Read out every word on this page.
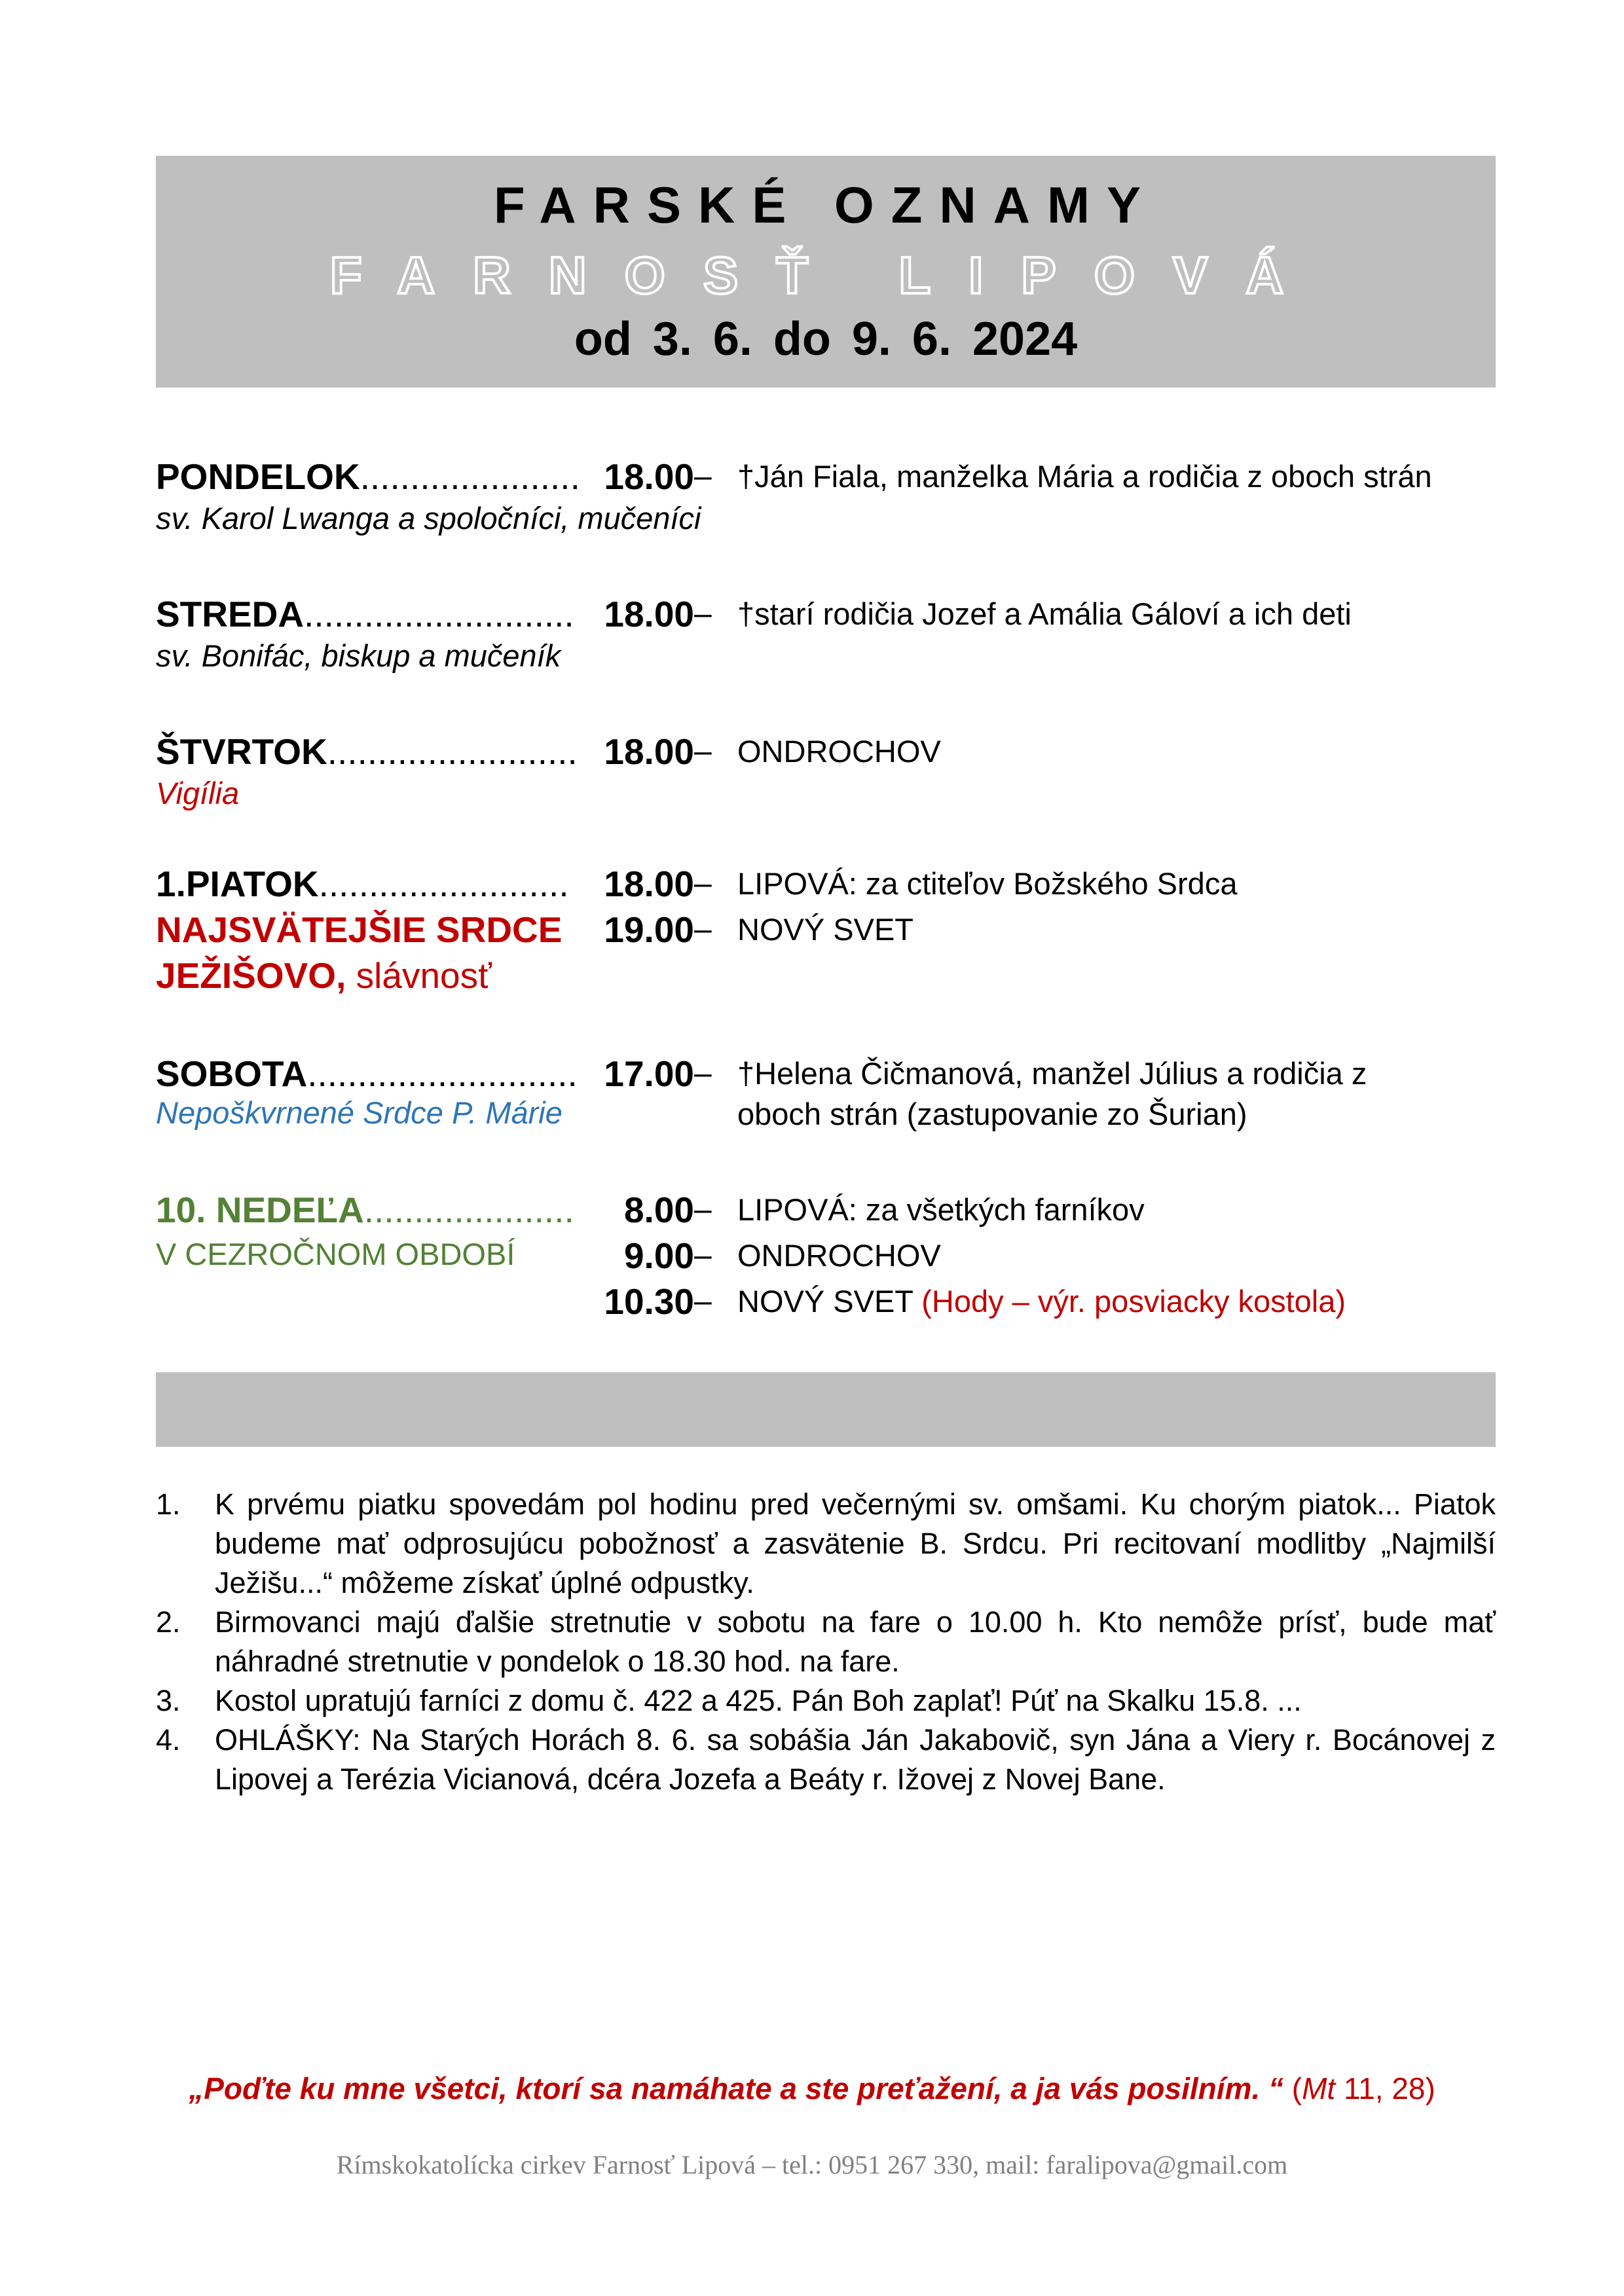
FARSKÉ OZNAMY
FARNOSŤ LIPOVÁ
od 3. 6. do 9. 6. 2024
PONDELOK...................... 18.00 – †Ján Fiala, manželka Mária a rodičia z oboch strán
sv. Karol Lwanga a spoločníci, mučeníci
STREDA........................... 18.00 – †starí rodičia Jozef a Amália Gáloví a ich deti
sv. Bonifác, biskup a mučeník
ŠTVRTOK......................... 18.00 – ONDROCHOV
Vigília
1.PIATOK......................... 18.00 – LIPOVÁ: za ctiteľov Božského Srdca
NAJSVÄTEJŠIE SRDCE	19.00 – NOVÝ SVET
JEŽIŠOVO, slávnosť
SOBOTA........................... 17.00 – †Helena Čičmanová, manžel Július a rodičia z
Nepoškvrnené Srdce P. Márie	oboch strán (zastupovanie zo Šurian)
10. NEDEĽA.....................	8.00 – LIPOVÁ: za všetkých farníkov
V CEZROČNOM OBDOBÍ	9.00 – ONDROCHOV
10.30 – NOVÝ SVET (Hody – výr. posviacky kostola)
1. K prvému piatku spovedám pol hodinu pred večernými sv. omšami. Ku chorým piatok... Piatok budeme mať odprosujúcu pobožnosť a zasvätenie B. Srdcu. Pri recitovaní modlitby „Najmilší Ježišu...“ môžeme získať úplné odpustky.
2. Birmovanci majú ďalšie stretnutie v sobotu na fare o 10.00 h. Kto nemôže prísť, bude mať náhradné stretnutie v pondelok o 18.30 hod. na fare.
3. Kostol upratujú farníci z domu č. 422 a 425. Pán Boh zaplať! Púť na Skalku 15.8. ...
4. OHLÁŠKY: Na Starých Horách 8. 6. sa sobášia Ján Jakabovič, syn Jána a Viery r. Bocánovej z Lipovej a Terézia Vicianová, dcéra Jozefa a Beáty r. Ižovej z Novej Bane.
„Poďte ku mne všetci, ktorí sa namáhate a ste preťažení, a ja vás posilním. “ (Mt 11, 28)
Rímskokatolícka cirkev Farnosť Lipová – tel.: 0951 267 330, mail: faralipova@gmail.com
